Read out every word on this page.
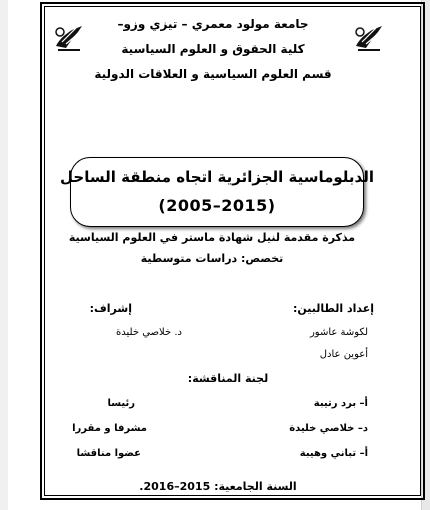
جامعة مولود معمري – تيزي وزو–
كلية الحقوق و العلوم السياسية
قسم العلوم السياسية و العلاقات الدولية
الدبلوماسية الجزائرية اتجاه منطقة الساحل
(2005–2015)
مذكرة مقدمة لنيل شهادة ماستر في العلوم السياسية
تخصص: دراسات متوسطية
إعداد الطالبين:
لكوشة عاشور
أعوين عادل
إشراف:
د. خلاصي خليدة
لجنة المناقشة:
أ– برد رتيبة
رئيسا
د– خلاصي خليدة
مشرفا و مقررا
أ– تباني وهيبة
عضوا مناقشا
السنة الجامعية: 2015–2016.
